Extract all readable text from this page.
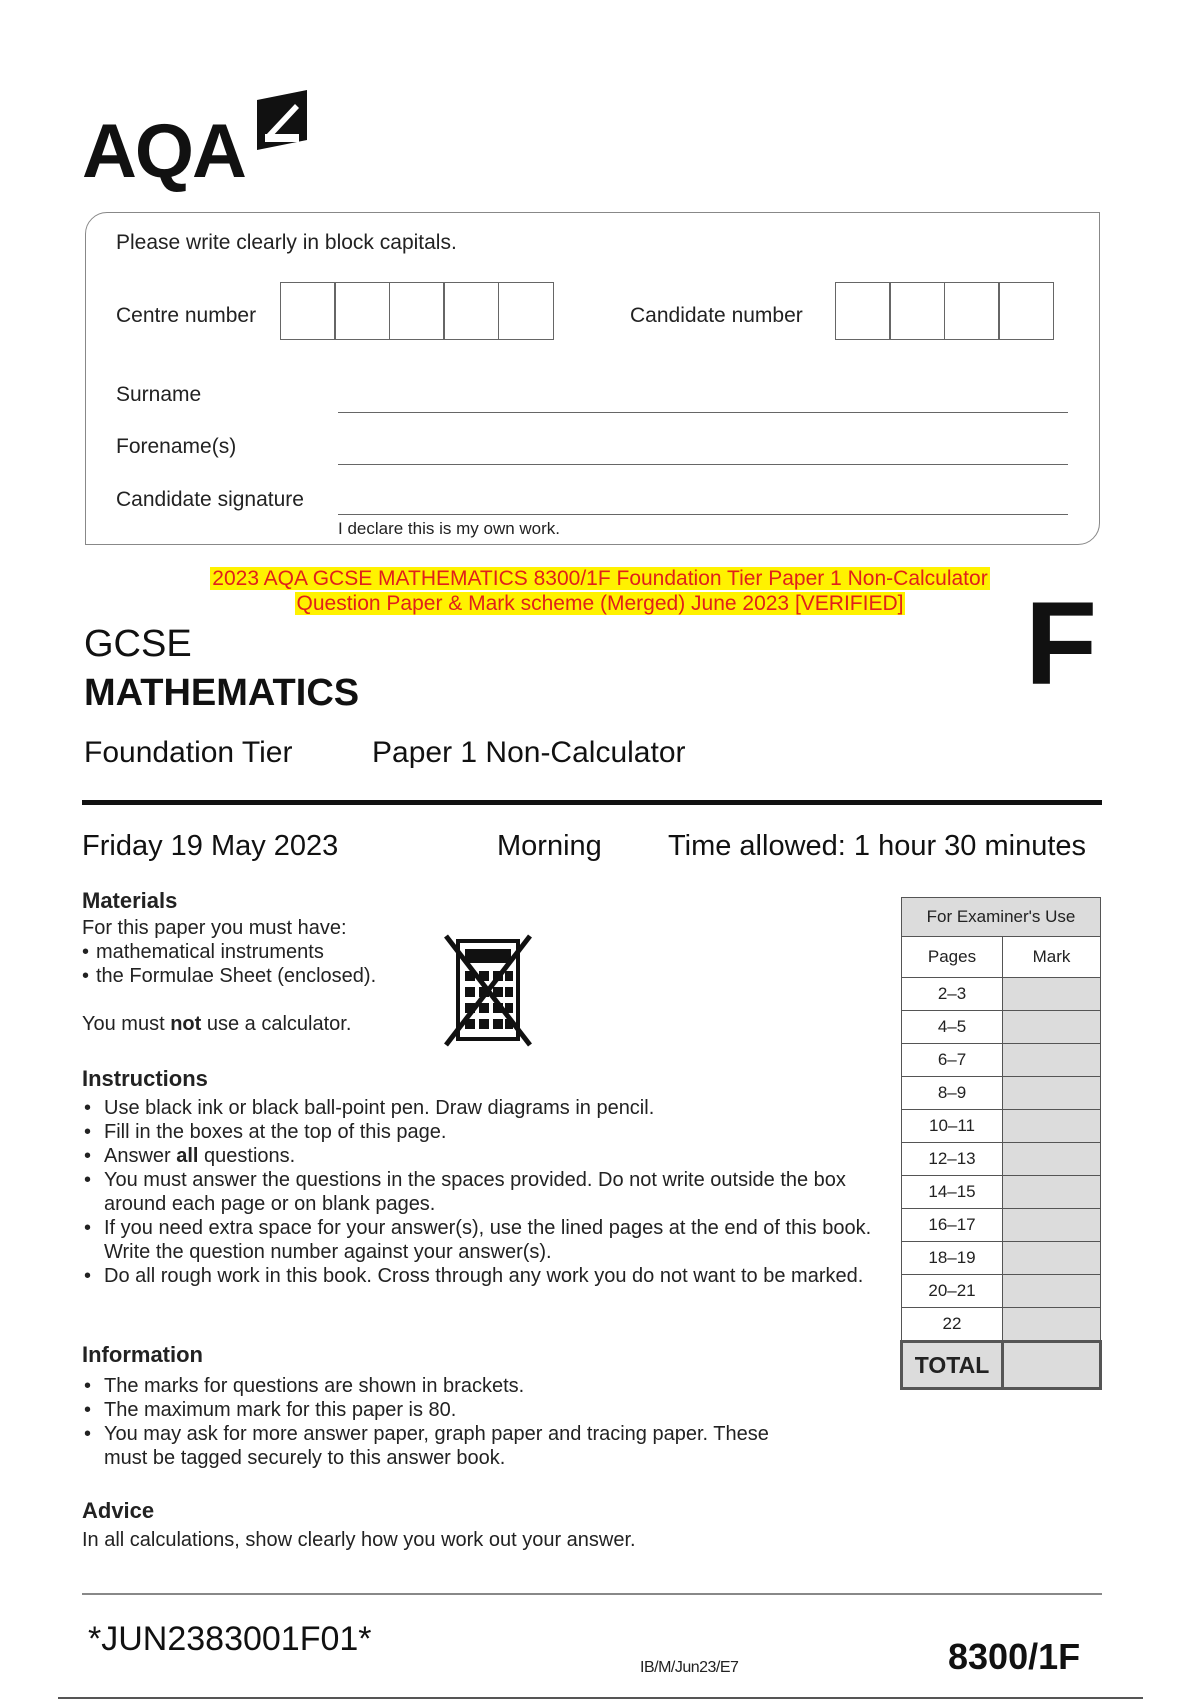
AQA
Please write clearly in block capitals.
Centre number	Candidate number
Surname
Forename(s)
Candidate signature
I declare this is my own work.
2023 AQA GCSE MATHEMATICS 8300/1F Foundation Tier Paper 1 Non-Calculator
Question Paper & Mark scheme (Merged) June 2023 [VERIFIED]
GCSE
MATHEMATICS	F
Foundation Tier	Paper 1 Non-Calculator
Friday 19 May 2023	Morning Time allowed: 1 hour 30 minutes
Materials
For this paper you must have:
• mathematical instruments
• the Formulae Sheet (enclosed).
You must not use a calculator.
Instructions
• Use black ink or black ball-point pen. Draw diagrams in pencil.
• Fill in the boxes at the top of this page.
• Answer all questions.
• You must answer the questions in the spaces provided. Do not write outside the box around each page or on blank pages.
• If you need extra space for your answer(s), use the lined pages at the end of this book. Write the question number against your answer(s).
• Do all rough work in this book. Cross through any work you do not want to be marked.
Information
• The marks for questions are shown in brackets.
• The maximum mark for this paper is 80.
• You may ask for more answer paper, graph paper and tracing paper. These must be tagged securely to this answer book.
Advice
In all calculations, show clearly how you work out your answer.
For Examiner's Use	
Pages	Mark
2–3	
4–5	
6–7	
8–9	
10–11	
12–13	
14–15	
16–17	
18–19	
20–21	
22	
TOTAL	
*JUN2383001F01*
IB/M/Jun23/E7	8300/1F
